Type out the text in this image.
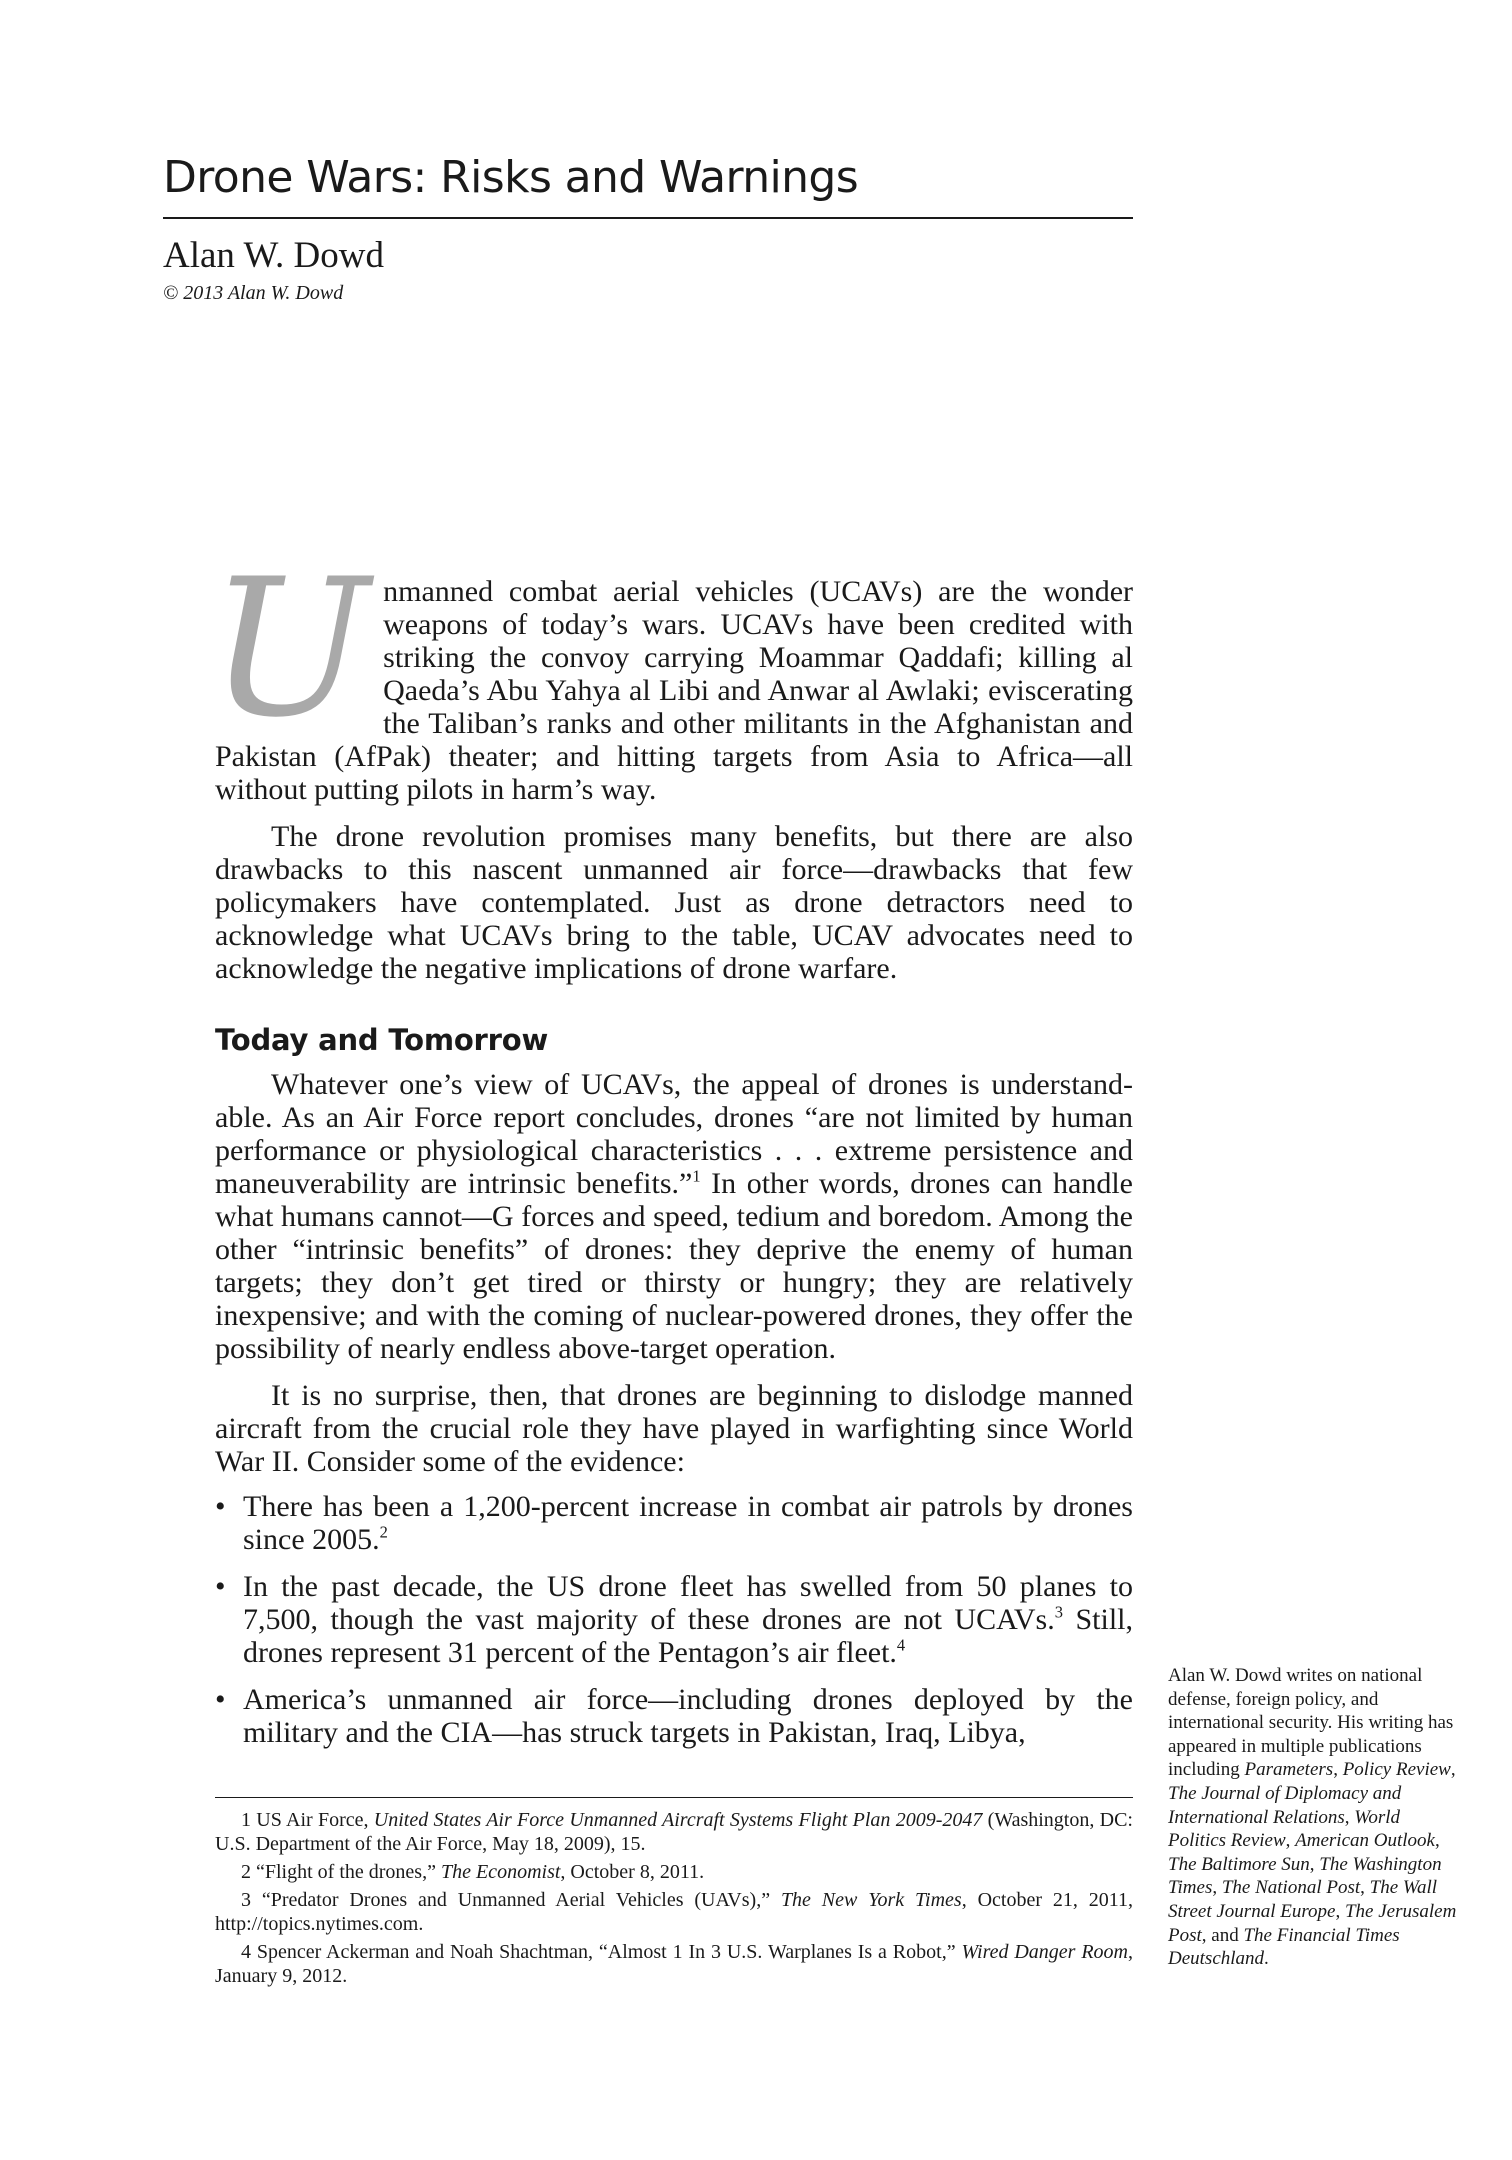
Drone Wars: Risks and Warnings
Alan W. Dowd
© 2013 Alan W. Dowd

Unmanned combat aerial vehicles (UCAVs) are the wonder weapons of today’s wars. UCAVs have been credited with striking the convoy carrying Moammar Qaddafi; killing al Qaeda’s Abu Yahya al Libi and Anwar al Awlaki; eviscerating the Taliban’s ranks and other militants in the Afghanistan and Pakistan (AfPak) theater; and hitting targets from Asia to Africa—all without putting pilots in harm’s way.

The drone revolution promises many benefits, but there are also drawbacks to this nascent unmanned air force—drawbacks that few policymakers have contemplated. Just as drone detractors need to acknowledge what UCAVs bring to the table, UCAV advocates need to acknowledge the negative implications of drone warfare.

Today and Tomorrow

Whatever one’s view of UCAVs, the appeal of drones is understandable. As an Air Force report concludes, drones “are not limited by human performance or physiological characteristics . . . extreme persistence and maneuverability are intrinsic benefits.”$^1$ In other words, drones can handle what humans cannot—G forces and speed, tedium and boredom. Among the other “intrinsic benefits” of drones: they deprive the enemy of human targets; they don’t get tired or thirsty or hungry; they are relatively inexpensive; and with the coming of nuclear-powered drones, they offer the possibility of nearly endless above-target operation.

It is no surprise, then, that drones are beginning to dislodge manned aircraft from the crucial role they have played in warfighting since World War II. Consider some of the evidence:

• There has been a 1,200-percent increase in combat air patrols by drones since 2005.$^2$
• In the past decade, the US drone fleet has swelled from 50 planes to 7,500, though the vast majority of these drones are not UCAVs.$^3$ Still, drones represent 31 percent of the Pentagon’s air fleet.$^4$
• America’s unmanned air force—including drones deployed by the military and the CIA—has struck targets in Pakistan, Iraq, Libya,

1 US Air Force, United States Air Force Unmanned Aircraft Systems Flight Plan 2009-2047 (Washington, DC: U.S. Department of the Air Force, May 18, 2009), 15.

2 “Flight of the drones,” The Economist, October 8, 2011.

3 “Predator Drones and Unmanned Aerial Vehicles (UAVs),” The New York Times, October 21, 2011, http://topics.nytimes.com.

4 Spencer Ackerman and Noah Shachtman, “Almost 1 In 3 U.S. Warplanes Is a Robot,” Wired Danger Room, January 9, 2012.

Alan W. Dowd writes on national defense, foreign policy, and international security. His writing has appeared in multiple publications including Parameters, Policy Review, The Journal of Diplomacy and International Relations, World Politics Review, American Outlook, The Baltimore Sun, The Washington Times, The National Post, The Wall Street Journal Europe, The Jerusalem Post, and The Financial Times Deutschland.
